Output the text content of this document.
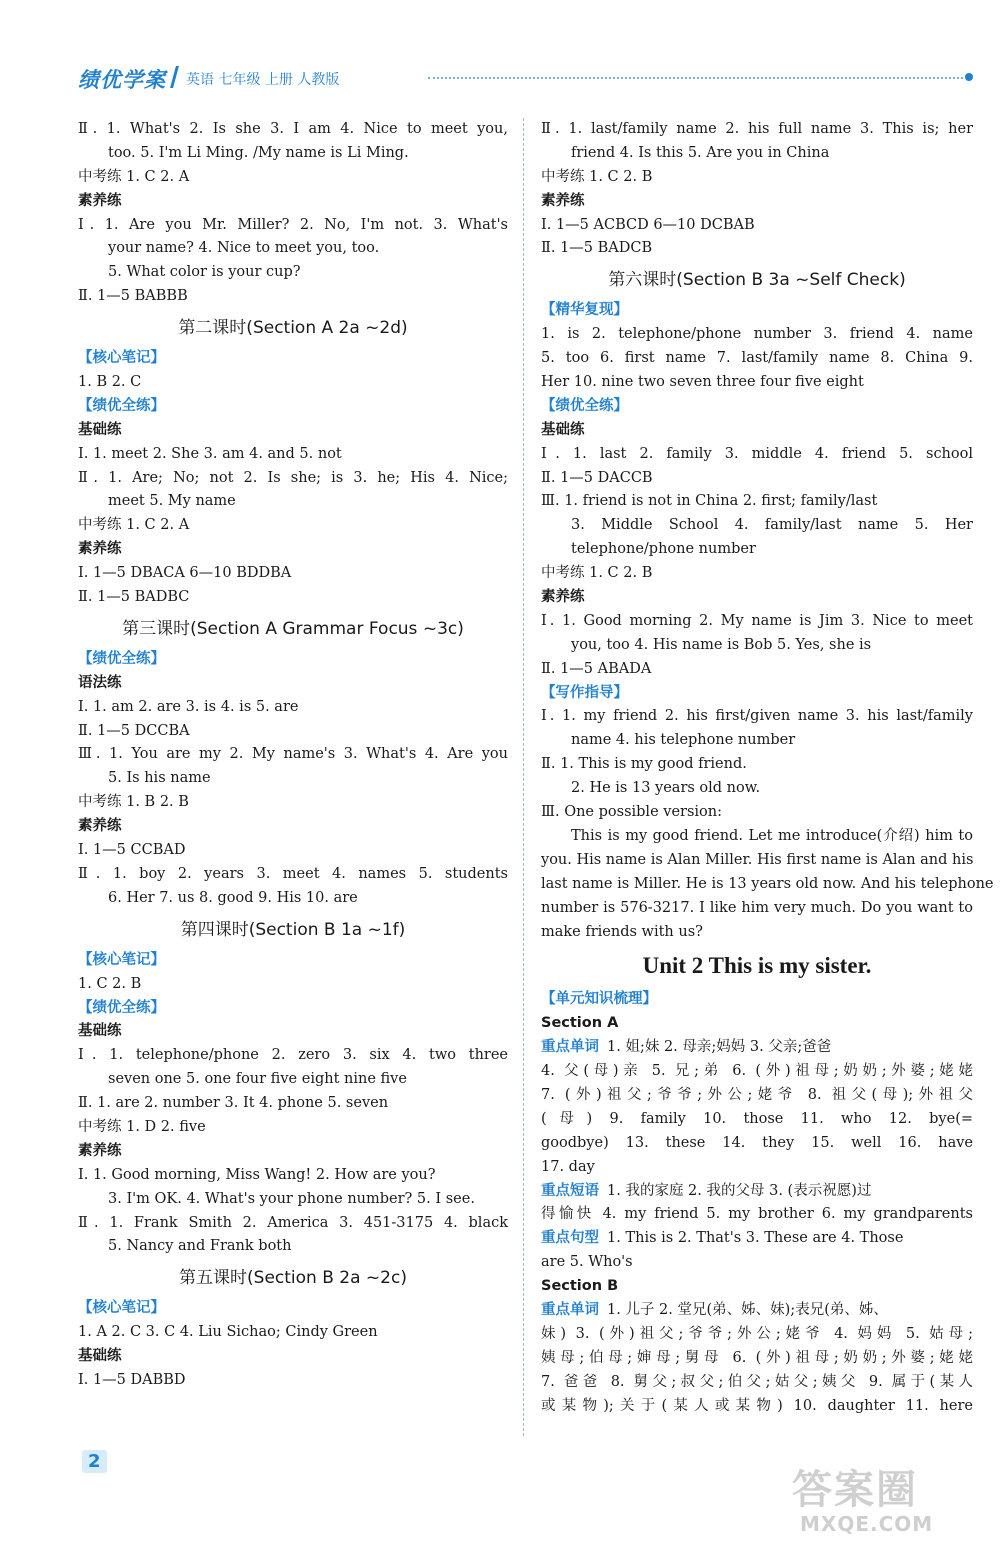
绩优学案 英语 七年级 上册 人教版
Ⅱ. 1. What's 2. Is she 3. I am 4. Nice to meet you,
too. 5. I'm Li Ming. /My name is Li Ming.
中考练 1. C 2. A
素养练
Ⅰ. 1. Are you Mr. Miller? 2. No, I'm not. 3. What's
your name? 4. Nice to meet you, too.
5. What color is your cup?
Ⅱ. 1—5 BABBB
第二课时(Section A 2a ~2d)
【核心笔记】
1. B 2. C
【绩优全练】
基础练
Ⅰ. 1. meet 2. She 3. am 4. and 5. not
Ⅱ. 1. Are; No; not 2. Is she; is 3. he; His 4. Nice;
meet 5. My name
中考练 1. C 2. A
素养练
Ⅰ. 1—5 DBACA 6—10 BDDBA
Ⅱ. 1—5 BADBC
第三课时(Section A Grammar Focus ~3c)
【绩优全练】
语法练
Ⅰ. 1. am 2. are 3. is 4. is 5. are
Ⅱ. 1—5 DCCBA
Ⅲ. 1. You are my 2. My name's 3. What's 4. Are you
5. Is his name
中考练 1. B 2. B
素养练
Ⅰ. 1—5 CCBAD
Ⅱ. 1. boy 2. years 3. meet 4. names 5. students
6. Her 7. us 8. good 9. His 10. are
第四课时(Section B 1a ~1f)
【核心笔记】
1. C 2. B
【绩优全练】
基础练
Ⅰ. 1. telephone/phone 2. zero 3. six 4. two three
seven one 5. one four five eight nine five
Ⅱ. 1. are 2. number 3. It 4. phone 5. seven
中考练 1. D 2. five
素养练
Ⅰ. 1. Good morning, Miss Wang! 2. How are you?
3. I'm OK. 4. What's your phone number? 5. I see.
Ⅱ. 1. Frank Smith 2. America 3. 451-3175 4. black
5. Nancy and Frank both
第五课时(Section B 2a ~2c)
【核心笔记】
1. A 2. C 3. C 4. Liu Sichao; Cindy Green
基础练
Ⅰ. 1—5 DABBD
Ⅱ. 1. last/family name 2. his full name 3. This is; her
friend 4. Is this 5. Are you in China
中考练 1. C 2. B
素养练
Ⅰ. 1—5 ACBCD 6—10 DCBAB
Ⅱ. 1—5 BADCB
第六课时(Section B 3a ~Self Check)
【精华复现】
1. is 2. telephone/phone number 3. friend 4. name
5. too 6. first name 7. last/family name 8. China 9.
Her 10. nine two seven three four five eight
【绩优全练】
基础练
Ⅰ. 1. last 2. family 3. middle 4. friend 5. school
Ⅱ. 1—5 DACCB
Ⅲ. 1. friend is not in China 2. first; family/last
3. Middle School 4. family/last name 5. Her
telephone/phone number
中考练 1. C 2. B
素养练
Ⅰ. 1. Good morning 2. My name is Jim 3. Nice to meet
you, too 4. His name is Bob 5. Yes, she is
Ⅱ. 1—5 ABADA
【写作指导】
Ⅰ. 1. my friend 2. his first/given name 3. his last/family
name 4. his telephone number
Ⅱ. 1. This is my good friend.
2. He is 13 years old now.
Ⅲ. One possible version:
This is my good friend. Let me introduce(介绍) him to
you. His name is Alan Miller. His first name is Alan and his
last name is Miller. He is 13 years old now. And his telephone
number is 576-3217. I like him very much. Do you want to
make friends with us?
Unit 2 This is my sister.
【单元知识梳理】
Section A
重点单词 1. 姐;妹 2. 母亲;妈妈 3. 父亲;爸爸
4. 父(母)亲 5. 兄;弟 6. (外)祖母;奶奶;外婆;姥姥
7. (外)祖父;爷爷;外公;姥爷 8. 祖父(母);外祖父
(母) 9. family 10. those 11. who 12. bye(=
goodbye) 13. these 14. they 15. well 16. have
17. day
重点短语 1. 我的家庭 2. 我的父母 3. (表示祝愿)过
得愉快 4. my friend 5. my brother 6. my grandparents
重点句型 1. This is 2. That's 3. These are 4. Those
are 5. Who's
Section B
重点单词 1. 儿子 2. 堂兄(弟、姊、妹);表兄(弟、姊、
妹) 3. (外)祖父;爷爷;外公;姥爷 4. 妈妈 5. 姑母;
姨母;伯母;婶母;舅母 6. (外)祖母;奶奶;外婆;姥姥
7. 爸爸 8. 舅父;叔父;伯父;姑父;姨父 9. 属于(某人
或某物);关于(某人或某物) 10. daughter 11. here
2
答案圈
MXQE.COM
